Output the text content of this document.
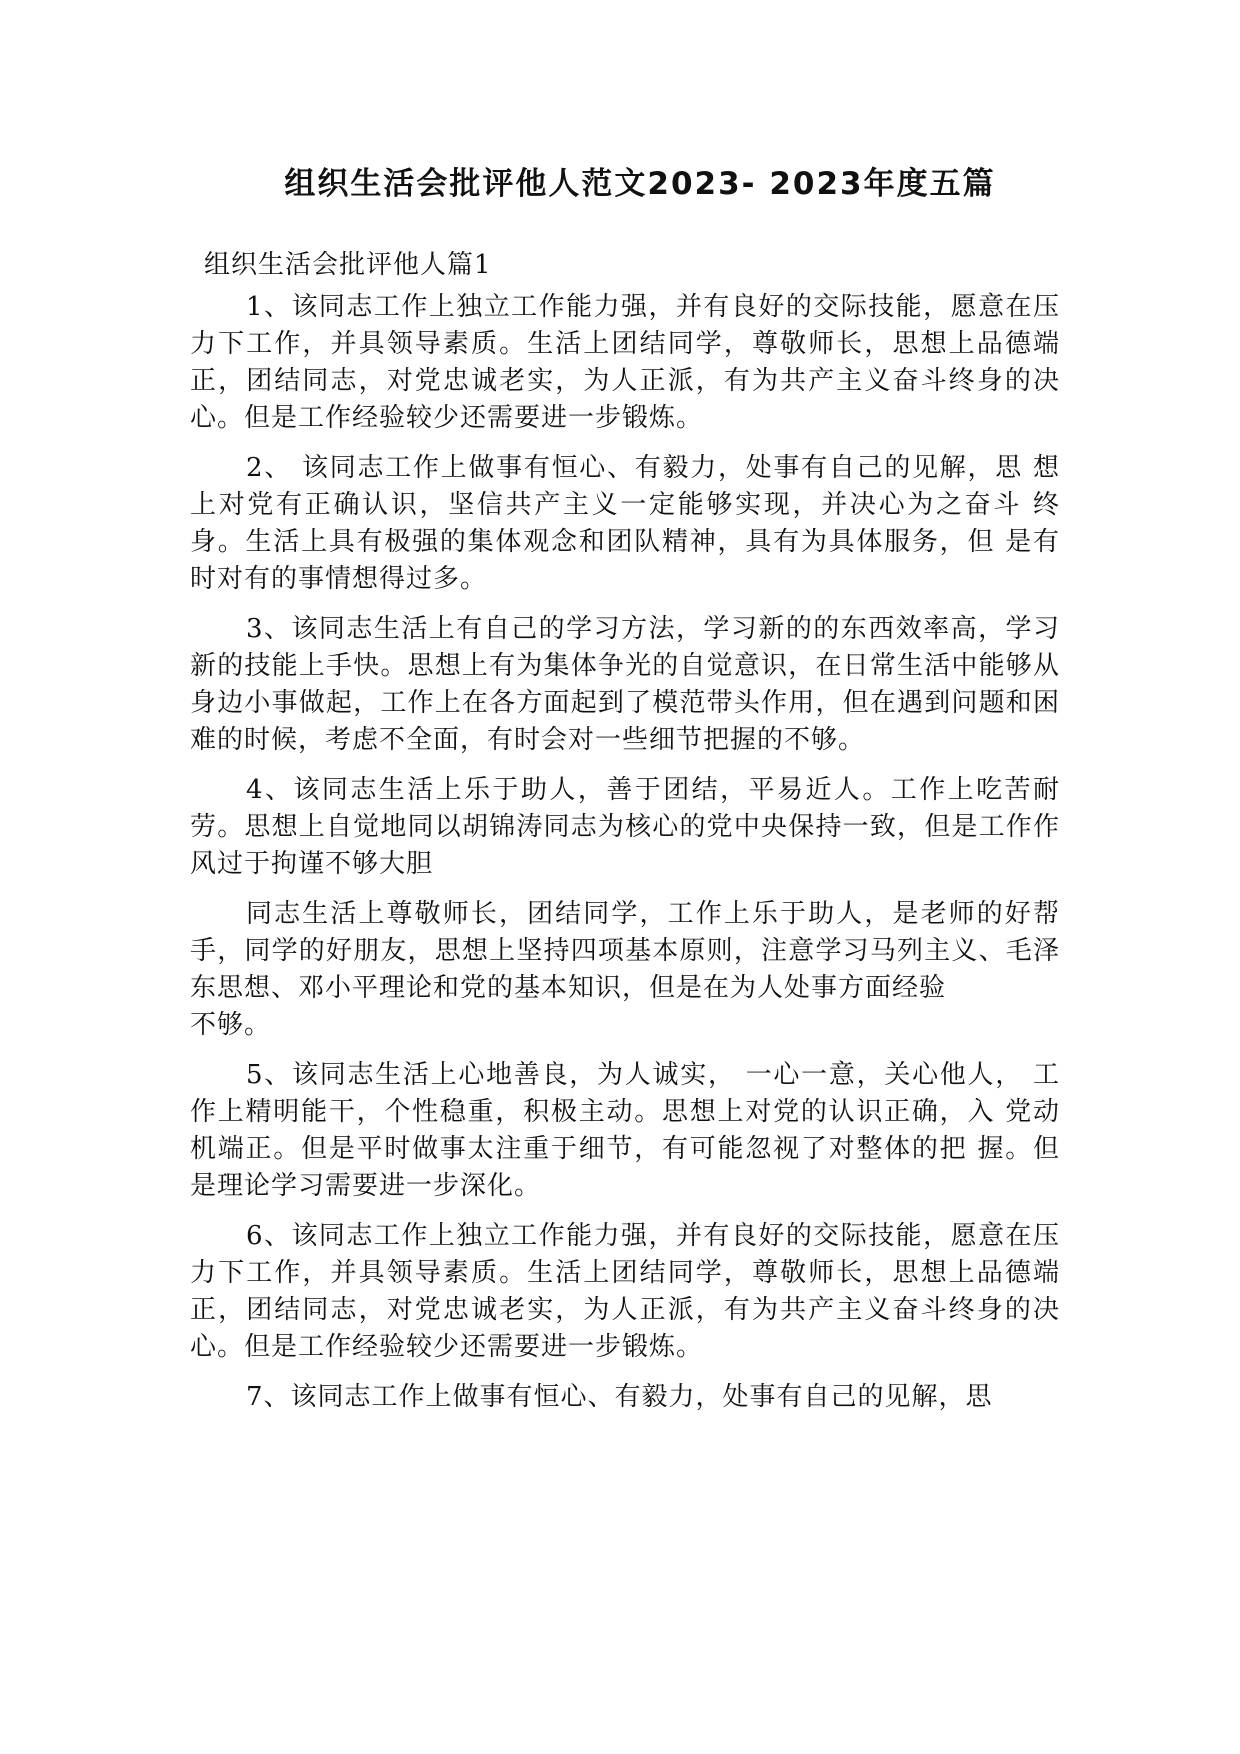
组织生活会批评他人范文2023- 2023年度五篇
组织生活会批评他人篇1

1、该同志工作上独立工作能力强，并有良好的交际技能，愿意在压力下工作，并具领导素质。生活上团结同学，尊敬师长，思想上品德端正，团结同志，对党忠诚老实，为人正派，有为共产主义奋斗终身的决心。但是工作经验较少还需要进一步锻炼。

2、 该同志工作上做事有恒心、有毅力，处事有自己的见解，思 想上对党有正确认识，坚信共产主义一定能够实现，并决心为之奋斗 终身。生活上具有极强的集体观念和团队精神，具有为具体服务，但 是有时对有的事情想得过多。

3、该同志生活上有自己的学习方法，学习新的的东西效率高，学习新的技能上手快。思想上有为集体争光的自觉意识，在日常生活中能够从身边小事做起，工作上在各方面起到了模范带头作用，但在遇到问题和困难的时候，考虑不全面，有时会对一些细节把握的不够。

4、该同志生活上乐于助人，善于团结，平易近人。工作上吃苦耐劳。思想上自觉地同以胡锦涛同志为核心的党中央保持一致，但是工作作风过于拘谨不够大胆

同志生活上尊敬师长，团结同学，工作上乐于助人，是老师的好帮手，同学的好朋友，思想上坚持四项基本原则，注意学习马列主义、毛泽东思想、邓小平理论和党的基本知识，但是在为人处事方面经验

不够。

5、该同志生活上心地善良，为人诚实， 一心一意，关心他人， 工作上精明能干，个性稳重，积极主动。思想上对党的认识正确，入 党动机端正。但是平时做事太注重于细节，有可能忽视了对整体的把 握。但是理论学习需要进一步深化。

6、该同志工作上独立工作能力强，并有良好的交际技能，愿意在压力下工作，并具领导素质。生活上团结同学，尊敬师长，思想上品德端正，团结同志，对党忠诚老实，为人正派，有为共产主义奋斗终身的决心。但是工作经验较少还需要进一步锻炼。

7、该同志工作上做事有恒心、有毅力，处事有自己的见解，思
